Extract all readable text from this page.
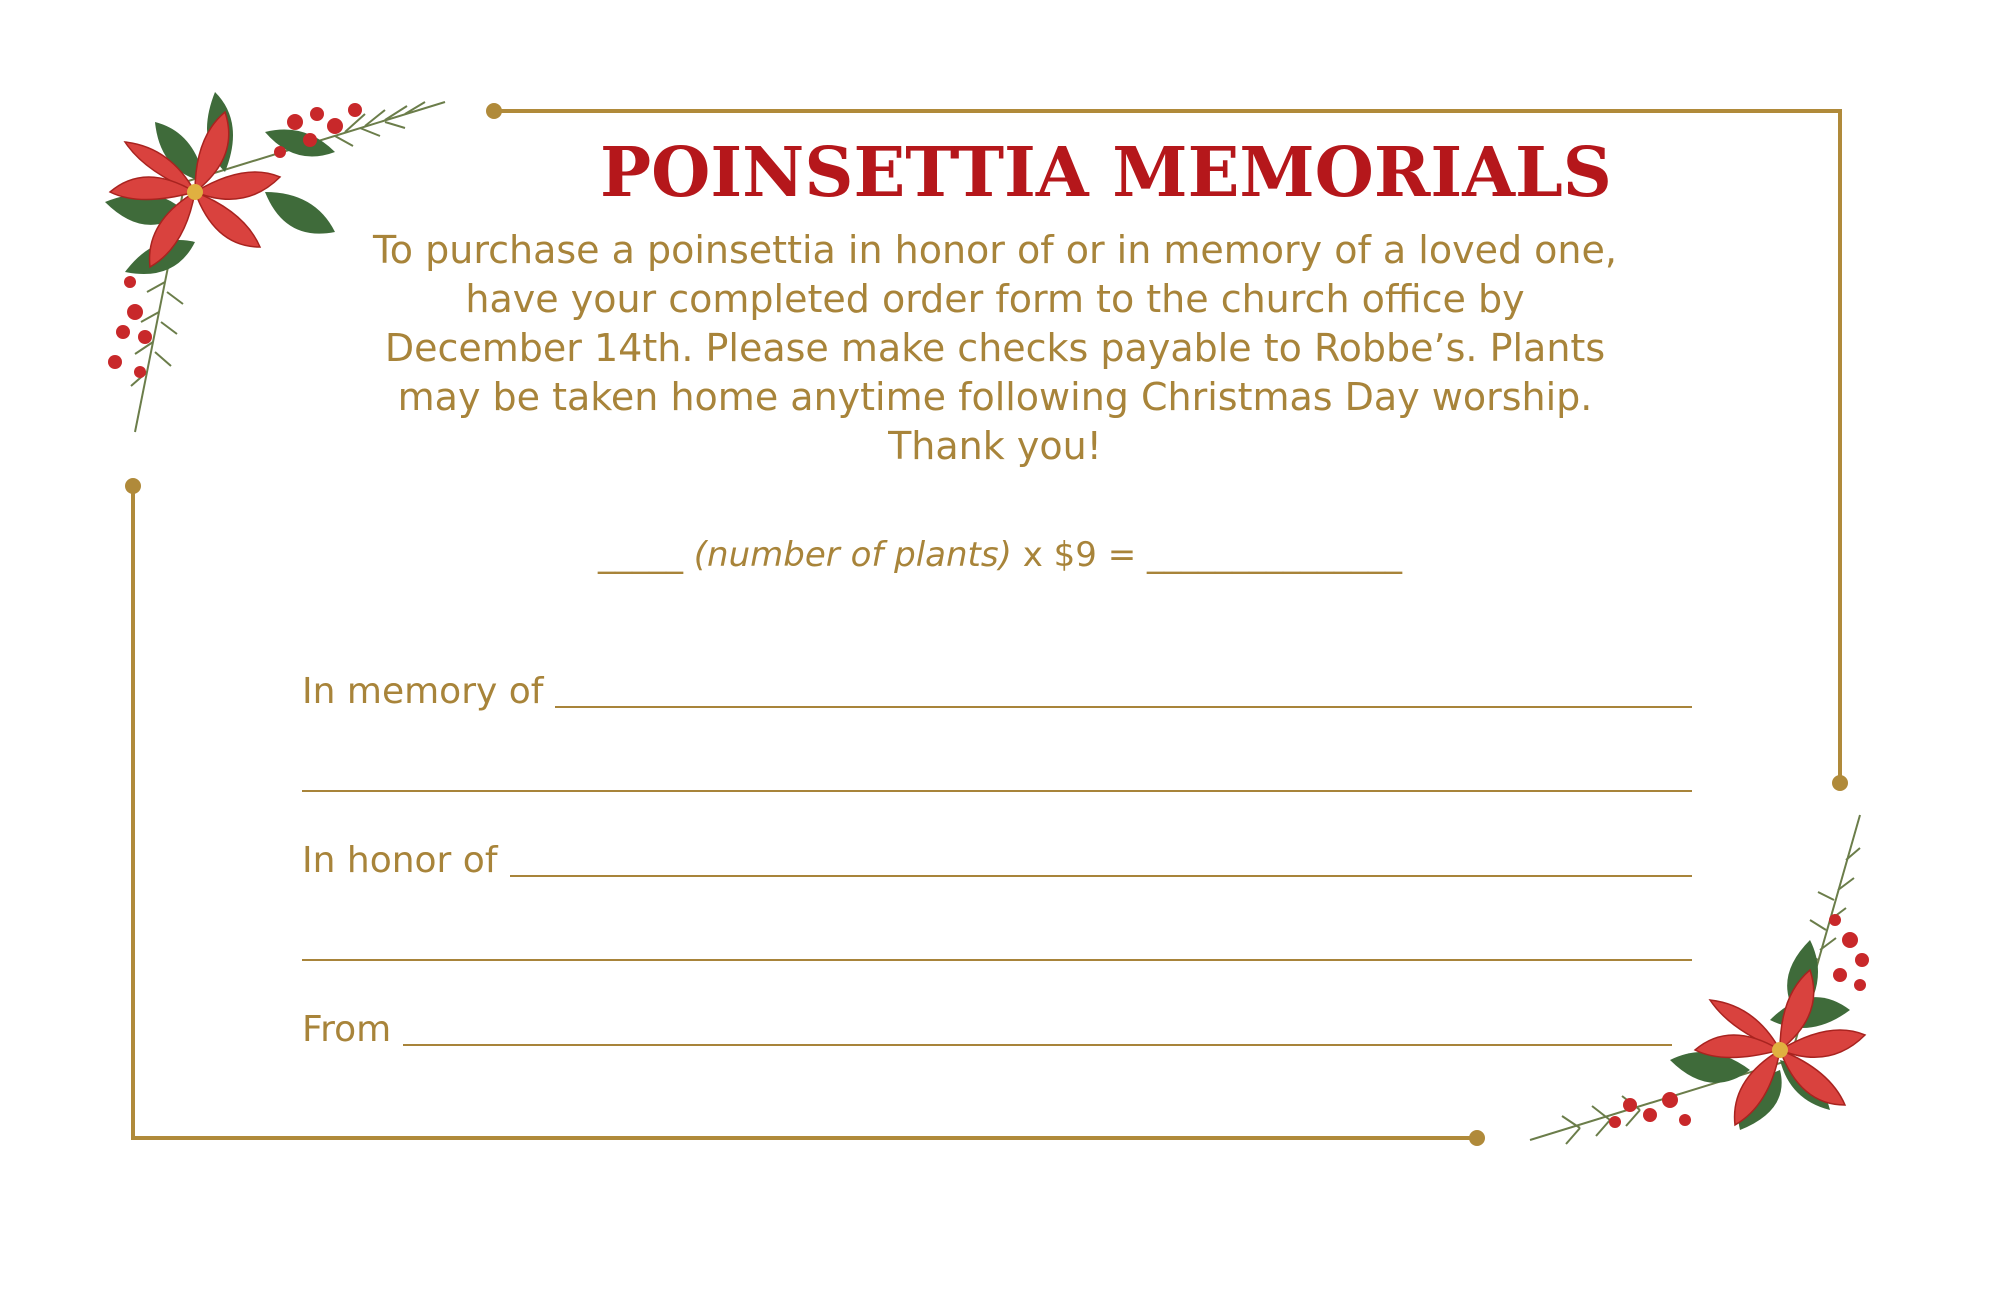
POINSETTIA MEMORIALS

To purchase a poinsettia in honor of or in memory of a loved one,
have your completed order form to the church office by
December 14th. Please make checks payable to Robbe’s. Plants
may be taken home anytime following Christmas Day worship.
Thank you!

_____ (number of plants) x $9 = _______________
In memory of
In honor of
From
